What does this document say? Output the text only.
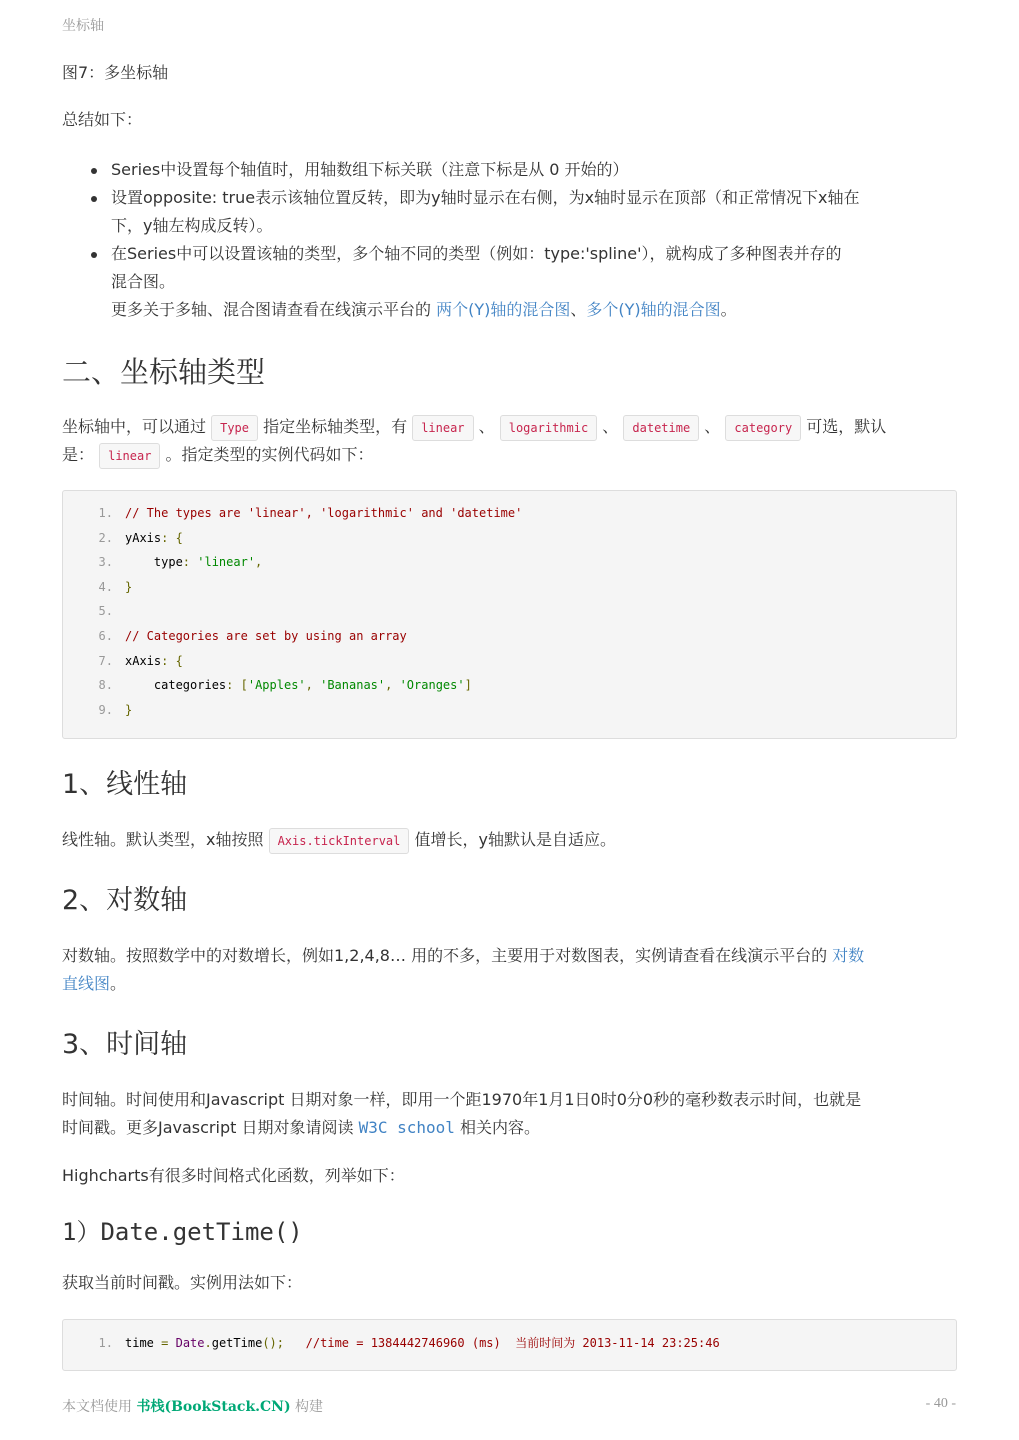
坐标轴
图7：多坐标轴
总结如下：
Series中设置每个轴值时，用轴数组下标关联（注意下标是从 0 开始的）
设置opposite: true表示该轴位置反转，即为y轴时显示在右侧，为x轴时显示在顶部（和正常情况下x轴在
下，y轴左构成反转）。
在Series中可以设置该轴的类型，多个轴不同的类型（例如：type:'spline'），就构成了多种图表并存的
混合图。
更多关于多轴、混合图请查看在线演示平台的 两个(Y)轴的混合图、多个(Y)轴的混合图。
二、坐标轴类型
坐标轴中，可以通过 Type 指定坐标轴类型，有 linear 、 logarithmic 、 datetime 、 category 可选，默认
是： linear 。指定类型的实例代码如下：
1. // The types are 'linear', 'logarithmic' and 'datetime'
2. yAxis: {
3.    type: 'linear',
4. }
5.
6. // Categories are set by using an array
7. xAxis: {
8.    categories: ['Apples', 'Bananas', 'Oranges']
9. }
1、线性轴
线性轴。默认类型，x轴按照 Axis.tickInterval 值增长，y轴默认是自适应。
2、对数轴
对数轴。按照数学中的对数增长，例如1,2,4,8… 用的不多，主要用于对数图表，实例请查看在线演示平台的 对数
直线图。
3、时间轴
时间轴。时间使用和Javascript 日期对象一样，即用一个距1970年1月1日0时0分0秒的毫秒数表示时间，也就是
时间戳。更多Javascript 日期对象请阅读 W3C school 相关内容。
Highcharts有很多时间格式化函数，列举如下：
1）Date.getTime()
获取当前时间戳。实例用法如下：
1. time = Date.getTime();   //time = 1384442746960 (ms)  当前时间为 2013-11-14 23:25:46
本文档使用 书栈(BookStack.CN) 构建	- 40 -
